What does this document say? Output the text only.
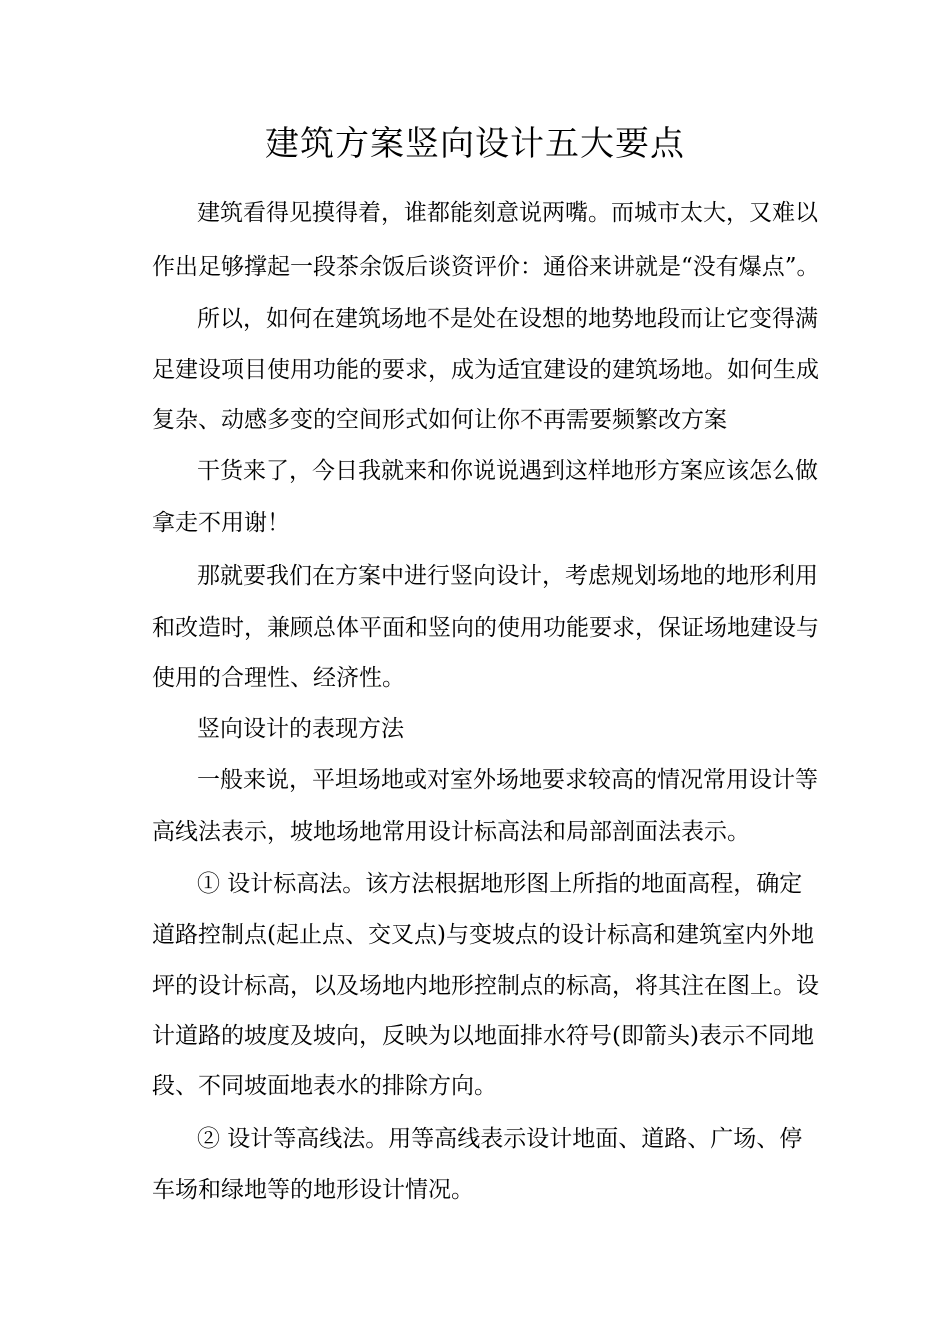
建筑方案竖向设计五大要点

建筑看得见摸得着，谁都能刻意说两嘴。而城市太大，又难以

作出足够撑起一段茶余饭后谈资评价：通俗来讲就是“没有爆点”。

所以，如何在建筑场地不是处在设想的地势地段而让它变得满

足建设项目使用功能的要求，成为适宜建设的建筑场地。如何生成

复杂、动感多变的空间形式如何让你不再需要频繁改方案

干货来了，今日我就来和你说说遇到这样地形方案应该怎么做

拿走不用谢！

那就要我们在方案中进行竖向设计，考虑规划场地的地形利用

和改造时，兼顾总体平面和竖向的使用功能要求，保证场地建设与

使用的合理性、经济性。

竖向设计的表现方法

一般来说，平坦场地或对室外场地要求较高的情况常用设计等

高线法表示，坡地场地常用设计标高法和局部剖面法表示。

① 设计标高法。该方法根据地形图上所指的地面高程，确定

道路控制点(起止点、交叉点)与变坡点的设计标高和建筑室内外地

坪的设计标高，以及场地内地形控制点的标高，将其注在图上。设

计道路的坡度及坡向，反映为以地面排水符号(即箭头)表示不同地

段、不同坡面地表水的排除方向。

② 设计等高线法。用等高线表示设计地面、道路、广场、停

车场和绿地等的地形设计情况。
